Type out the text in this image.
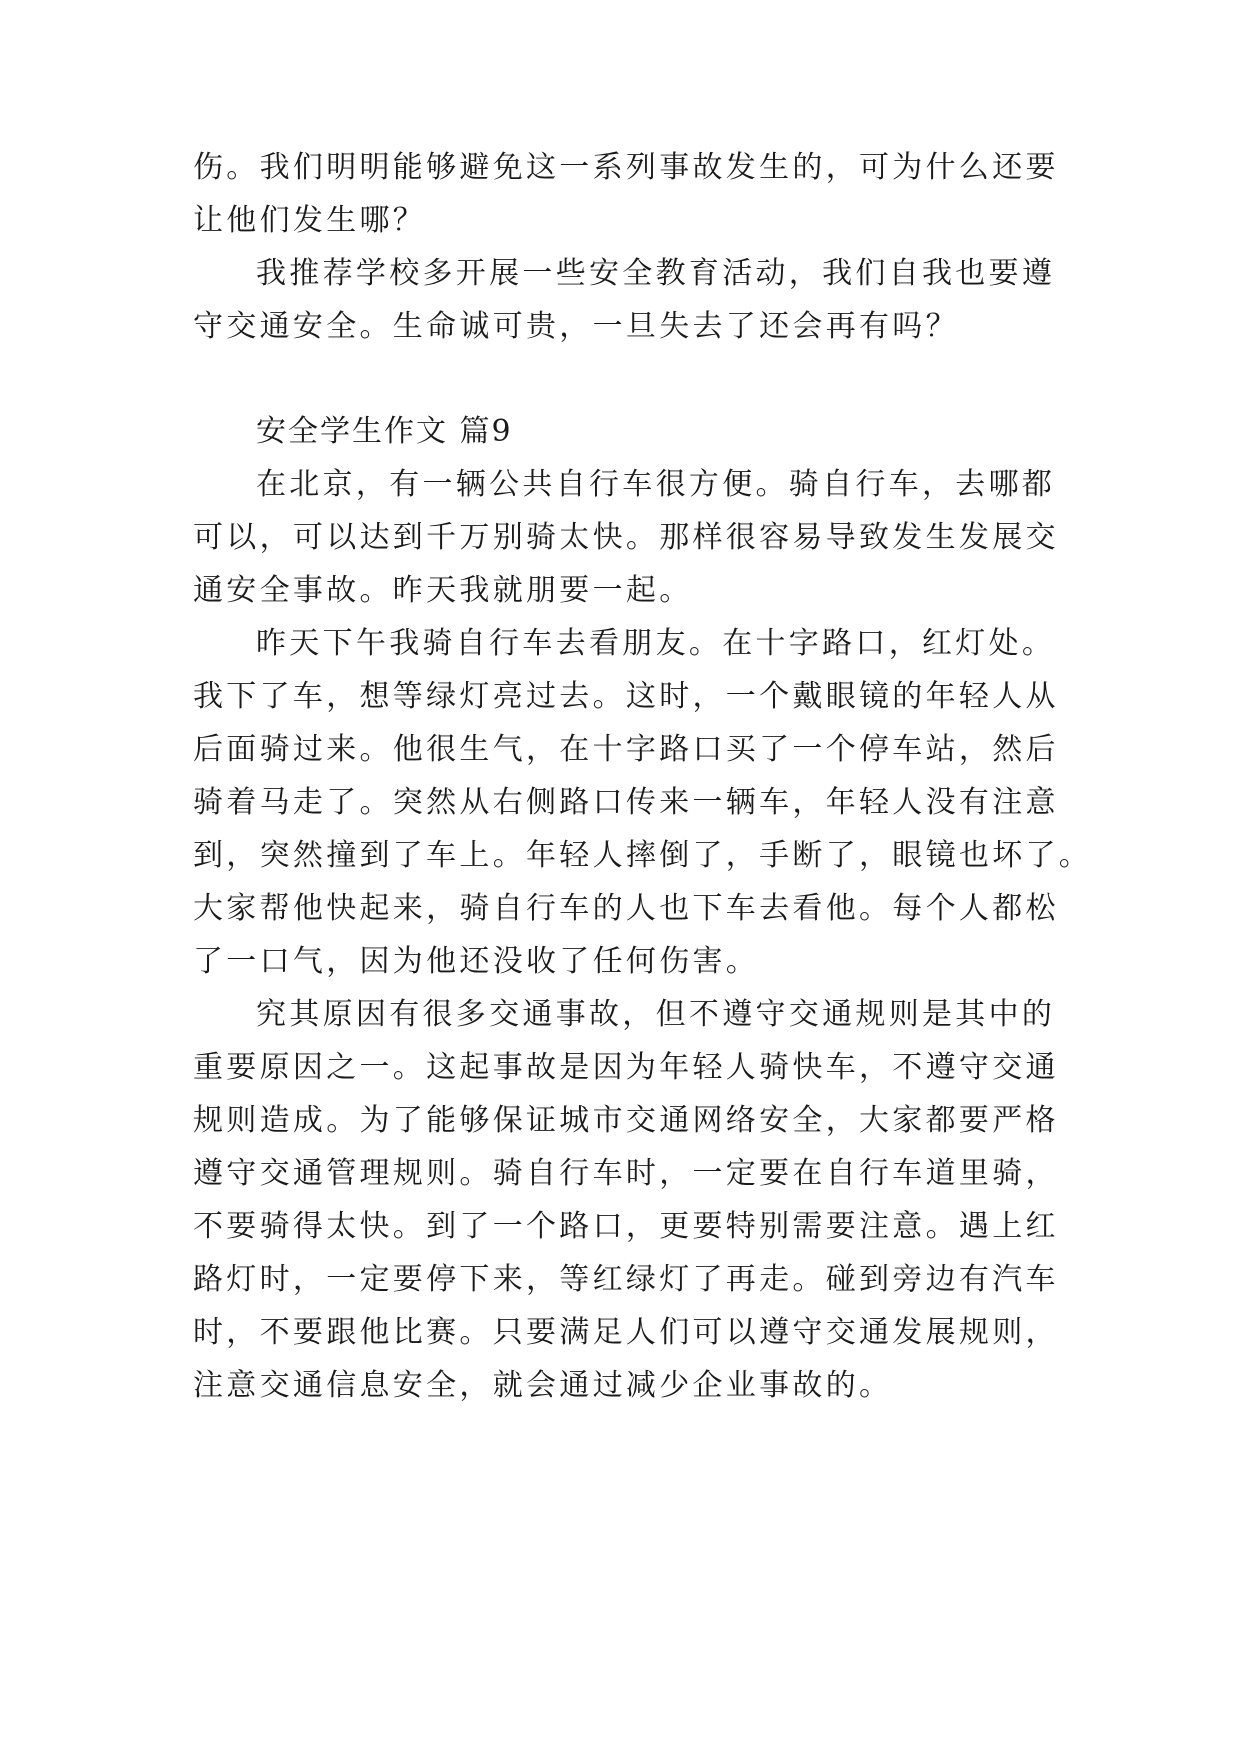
伤。我们明明能够避免这一系列事故发生的，可为什么还要
让他们发生哪？
我推荐学校多开展一些安全教育活动，我们自我也要遵
守交通安全。生命诚可贵，一旦失去了还会再有吗？
安全学生作文 篇9
在北京，有一辆公共自行车很方便。骑自行车，去哪都
可以，可以达到千万别骑太快。那样很容易导致发生发展交
通安全事故。昨天我就朋要一起。
昨天下午我骑自行车去看朋友。在十字路口，红灯处。
我下了车，想等绿灯亮过去。这时，一个戴眼镜的年轻人从
后面骑过来。他很生气，在十字路口买了一个停车站，然后
骑着马走了。突然从右侧路口传来一辆车，年轻人没有注意
到，突然撞到了车上。年轻人摔倒了，手断了，眼镜也坏了。
大家帮他快起来，骑自行车的人也下车去看他。每个人都松
了一口气，因为他还没收了任何伤害。
究其原因有很多交通事故，但不遵守交通规则是其中的
重要原因之一。这起事故是因为年轻人骑快车，不遵守交通
规则造成。为了能够保证城市交通网络安全，大家都要严格
遵守交通管理规则。骑自行车时，一定要在自行车道里骑，
不要骑得太快。到了一个路口，更要特别需要注意。遇上红
路灯时，一定要停下来，等红绿灯了再走。碰到旁边有汽车
时，不要跟他比赛。只要满足人们可以遵守交通发展规则，
注意交通信息安全，就会通过减少企业事故的。
